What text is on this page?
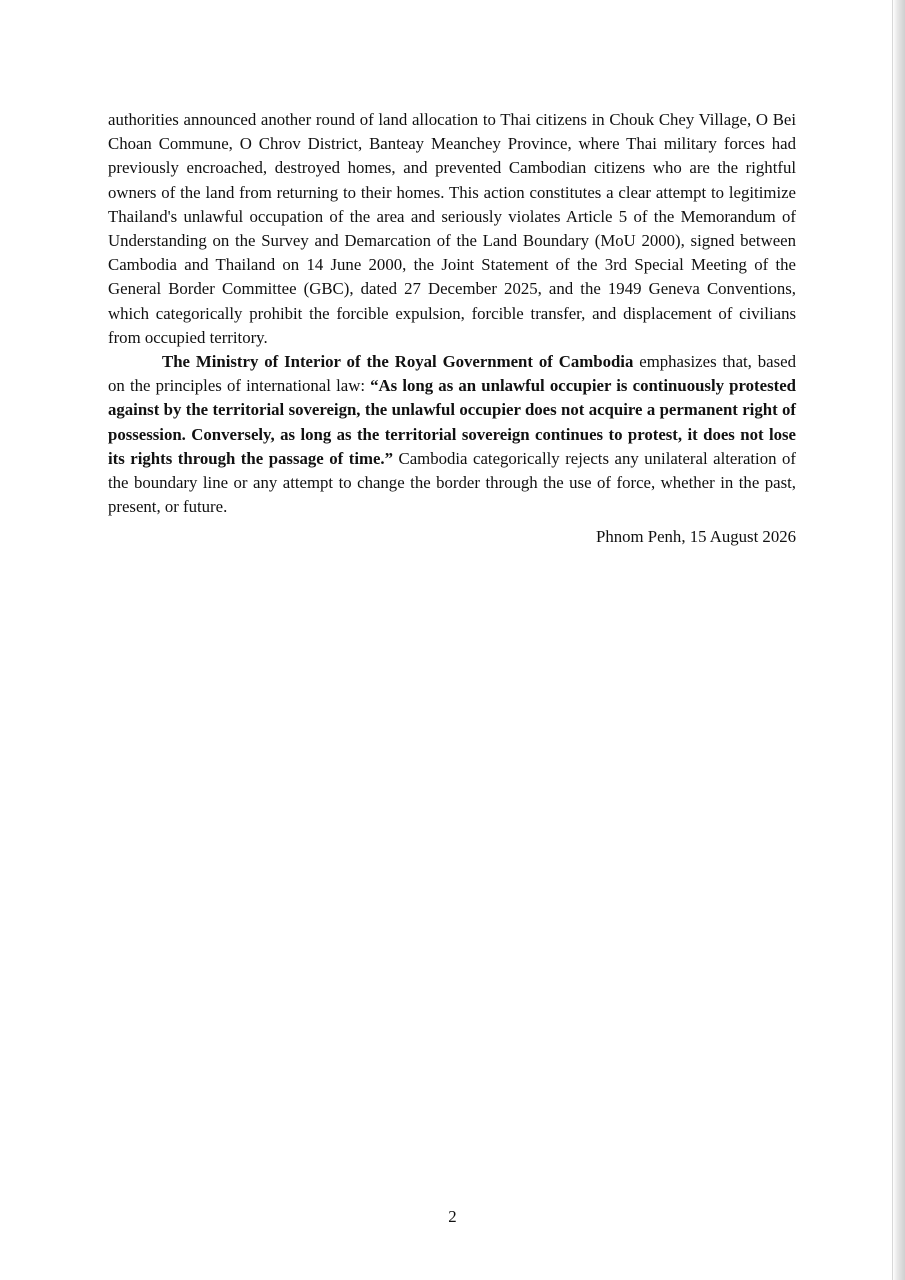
authorities announced another round of land allocation to Thai citizens in Chouk Chey Village, O Bei Choan Commune, O Chrov District, Banteay Meanchey Province, where Thai military forces had previously encroached, destroyed homes, and prevented Cambodian citizens who are the rightful owners of the land from returning to their homes. This action constitutes a clear attempt to legitimize Thailand's unlawful occupation of the area and seriously violates Article 5 of the Memorandum of Understanding on the Survey and Demarcation of the Land Boundary (MoU 2000), signed between Cambodia and Thailand on 14 June 2000, the Joint Statement of the 3rd Special Meeting of the General Border Committee (GBC), dated 27 December 2025, and the 1949 Geneva Conventions, which categorically prohibit the forcible expulsion, forcible transfer, and displacement of civilians from occupied territory.

The Ministry of Interior of the Royal Government of Cambodia emphasizes that, based on the principles of international law: “As long as an unlawful occupier is continuously protested against by the territorial sovereign, the unlawful occupier does not acquire a permanent right of possession. Conversely, as long as the territorial sovereign continues to protest, it does not lose its rights through the passage of time.” Cambodia categorically rejects any unilateral alteration of the boundary line or any attempt to change the border through the use of force, whether in the past, present, or future.

Phnom Penh, 15 August 2026

2
